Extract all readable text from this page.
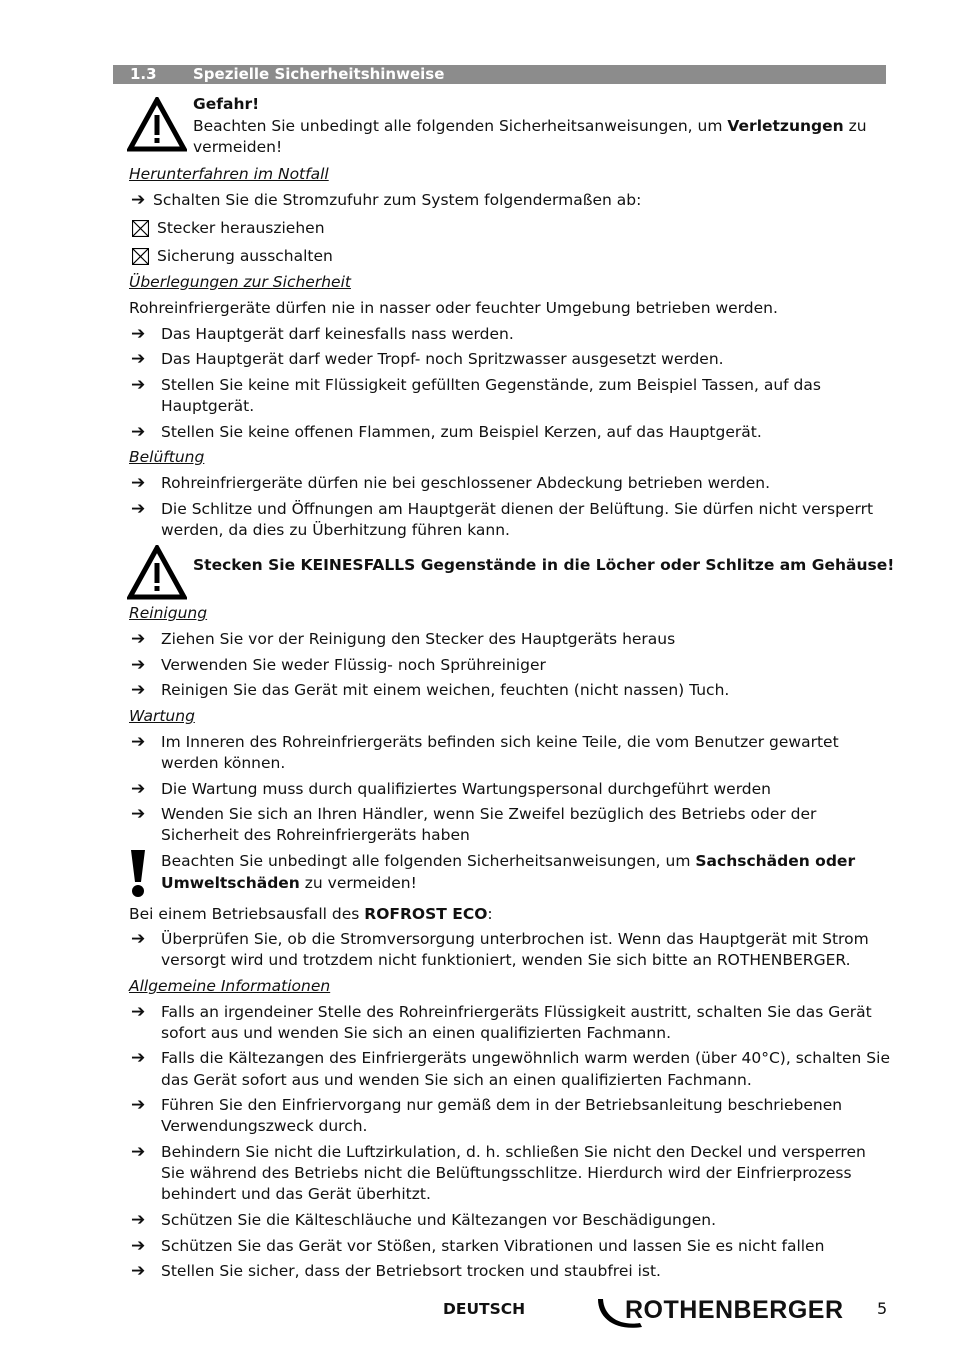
1.3 Spezielle Sicherheitshinweise
Gefahr!
Beachten Sie unbedingt alle folgenden Sicherheitsanweisungen, um Verletzungen zu
vermeiden!
Herunterfahren im Notfall
➔ Schalten Sie die Stromzufuhr zum System folgendermaßen ab:
Stecker herausziehen
Sicherung ausschalten
Überlegungen zur Sicherheit
Rohreinfriergeräte dürfen nie in nasser oder feuchter Umgebung betrieben werden.
➔ Das Hauptgerät darf keinesfalls nass werden.
➔ Das Hauptgerät darf weder Tropf- noch Spritzwasser ausgesetzt werden.
➔ Stellen Sie keine mit Flüssigkeit gefüllten Gegenstände, zum Beispiel Tassen, auf das
Hauptgerät.
➔ Stellen Sie keine offenen Flammen, zum Beispiel Kerzen, auf das Hauptgerät.
Belüftung
➔ Rohreinfriergeräte dürfen nie bei geschlossener Abdeckung betrieben werden.
➔ Die Schlitze und Öffnungen am Hauptgerät dienen der Belüftung. Sie dürfen nicht versperrt
werden, da dies zu Überhitzung führen kann.
Stecken Sie KEINESFALLS Gegenstände in die Löcher oder Schlitze am Gehäuse!
Reinigung
➔ Ziehen Sie vor der Reinigung den Stecker des Hauptgeräts heraus
➔ Verwenden Sie weder Flüssig- noch Sprühreiniger
➔ Reinigen Sie das Gerät mit einem weichen, feuchten (nicht nassen) Tuch.
Wartung
➔ Im Inneren des Rohreinfriergeräts befinden sich keine Teile, die vom Benutzer gewartet
werden können.
➔ Die Wartung muss durch qualifiziertes Wartungspersonal durchgeführt werden
➔ Wenden Sie sich an Ihren Händler, wenn Sie Zweifel bezüglich des Betriebs oder der
Sicherheit des Rohreinfriergeräts haben
Beachten Sie unbedingt alle folgenden Sicherheitsanweisungen, um Sachschäden oder
Umweltschäden zu vermeiden!
Bei einem Betriebsausfall des ROFROST ECO:
➔ Überprüfen Sie, ob die Stromversorgung unterbrochen ist. Wenn das Hauptgerät mit Strom
versorgt wird und trotzdem nicht funktioniert, wenden Sie sich bitte an ROTHENBERGER.
Allgemeine Informationen
➔ Falls an irgendeiner Stelle des Rohreinfriergeräts Flüssigkeit austritt, schalten Sie das Gerät
sofort aus und wenden Sie sich an einen qualifizierten Fachmann.
➔ Falls die Kältezangen des Einfriergeräts ungewöhnlich warm werden (über 40°C), schalten Sie
das Gerät sofort aus und wenden Sie sich an einen qualifizierten Fachmann.
➔ Führen Sie den Einfriervorgang nur gemäß dem in der Betriebsanleitung beschriebenen
Verwendungszweck durch.
➔ Behindern Sie nicht die Luftzirkulation, d. h. schließen Sie nicht den Deckel und versperren
Sie während des Betriebs nicht die Belüftungsschlitze. Hierdurch wird der Einfrierprozess
behindert und das Gerät überhitzt.
➔ Schützen Sie die Kälteschläuche und Kältezangen vor Beschädigungen.
➔ Schützen Sie das Gerät vor Stößen, starken Vibrationen und lassen Sie es nicht fallen
➔ Stellen Sie sicher, dass der Betriebsort trocken und staubfrei ist.
DEUTSCH	ROTHENBERGER 5
